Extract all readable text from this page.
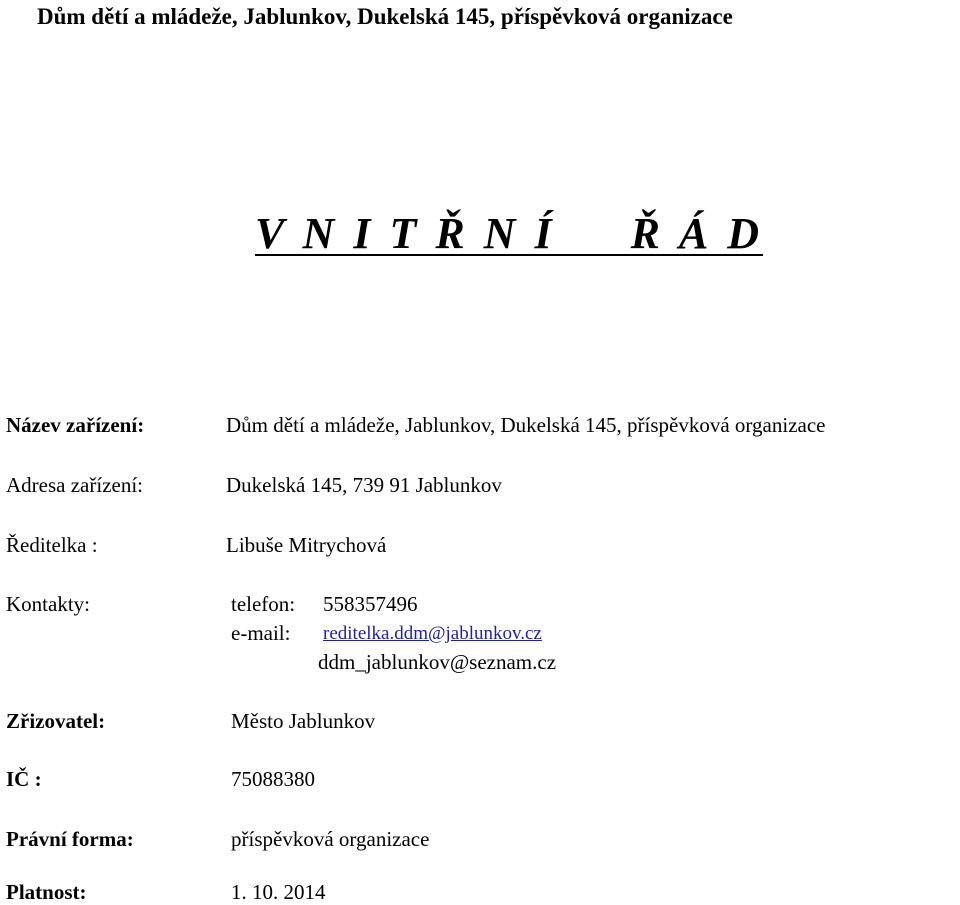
Dům dětí a mládeže, Jablunkov, Dukelská 145, příspěvková organizace
V N I T Ř N Í     Ř Á D
Název zařízení:	Dům dětí a mládeže, Jablunkov, Dukelská 145, příspěvková organizace
Adresa zařízení:	Dukelská 145, 739 91 Jablunkov
Ředitelka :	Libuše Mitrychová
Kontakty:	telefon: 558357496
e-mail: reditelka.ddm@jablunkov.cz
ddm_jablunkov@seznam.cz
Zřizovatel:	Město Jablunkov
IČ :	75088380
Právní forma:	příspěvková organizace
Platnost:	1. 10. 2014
